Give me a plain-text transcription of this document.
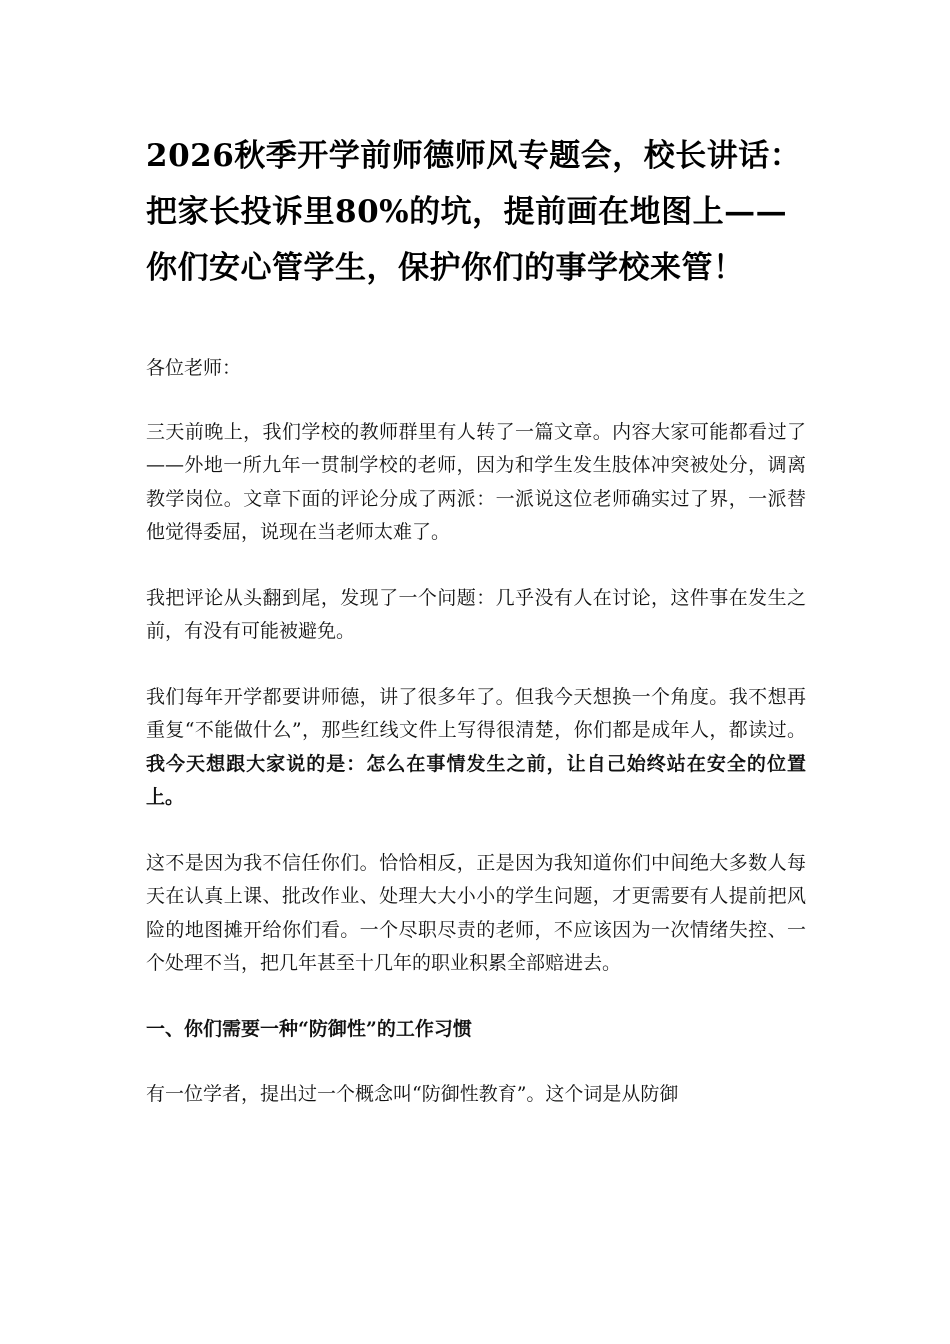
2026秋季开学前师德师风专题会，校长讲话：把家长投诉里80%的坑，提前画在地图上——你们安心管学生，保护你们的事学校来管！

各位老师：

三天前晚上，我们学校的教师群里有人转了一篇文章。内容大家可能都看过了——外地一所九年一贯制学校的老师，因为和学生发生肢体冲突被处分，调离教学岗位。文章下面的评论分成了两派：一派说这位老师确实过了界，一派替他觉得委屈，说现在当老师太难了。

我把评论从头翻到尾，发现了一个问题：几乎没有人在讨论，这件事在发生之前，有没有可能被避免。

我们每年开学都要讲师德，讲了很多年了。但我今天想换一个角度。我不想再重复“不能做什么”，那些红线文件上写得很清楚，你们都是成年人，都读过。我今天想跟大家说的是：怎么在事情发生之前，让自己始终站在安全的位置上。

这不是因为我不信任你们。恰恰相反，正是因为我知道你们中间绝大多数人每天在认真上课、批改作业、处理大大小小的学生问题，才更需要有人提前把风险的地图摊开给你们看。一个尽职尽责的老师，不应该因为一次情绪失控、一个处理不当，把几年甚至十几年的职业积累全部赔进去。

一、你们需要一种“防御性”的工作习惯

有一位学者，提出过一个概念叫“防御性教育”。这个词是从防御
